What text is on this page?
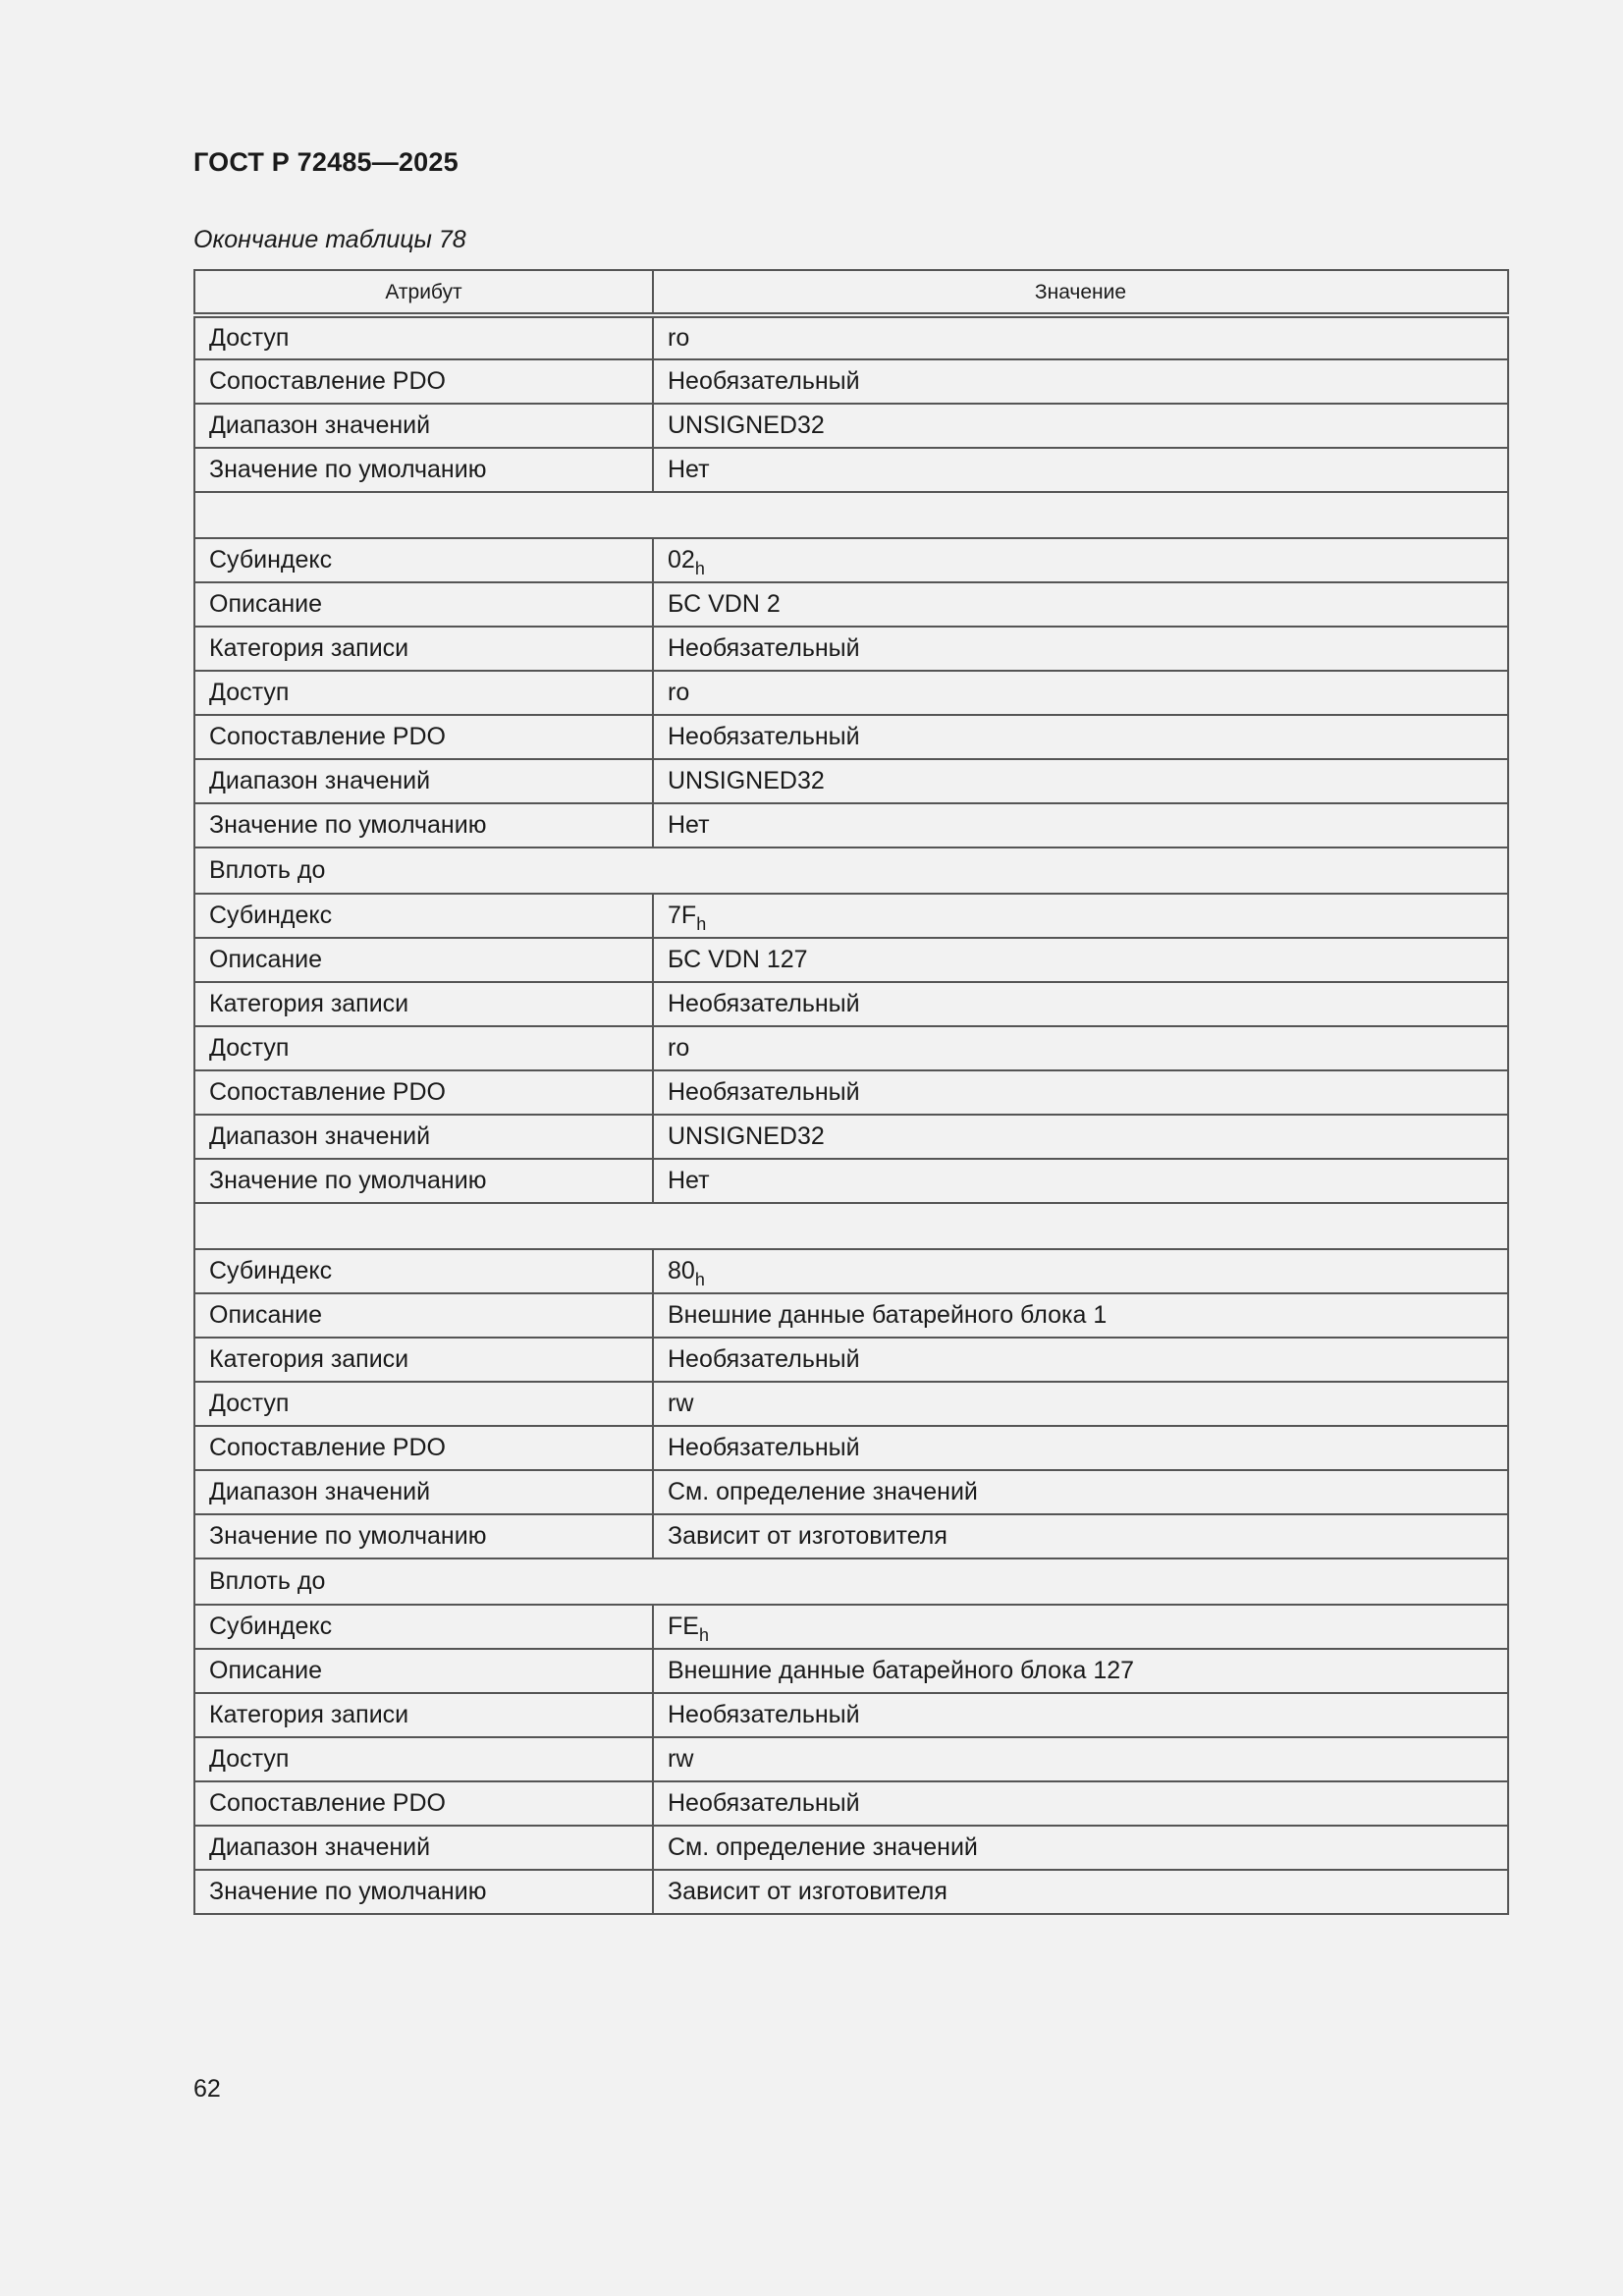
ГОСТ Р 72485—2025
Окончание таблицы 78
Атрибут	Значение
Доступ	ro
Сопоставление PDO	Необязательный
Диапазон значений	UNSIGNED32
Значение по умолчанию	Нет

Субиндекс	$02_h$
Описание	БС VDN 2
Категория записи	Необязательный
Доступ	ro
Сопоставление PDO	Необязательный
Диапазон значений	UNSIGNED32
Значение по умолчанию	Нет
Вплоть до	
Субиндекс	$7F_h$
Описание	БС VDN 127
Категория записи	Необязательный
Доступ	ro
Сопоставление PDO	Необязательный
Диапазон значений	UNSIGNED32
Значение по умолчанию	Нет

Субиндекс	$80_h$
Описание	Внешние данные батарейного блока 1
Категория записи	Необязательный
Доступ	rw
Сопоставление PDO	Необязательный
Диапазон значений	См. определение значений
Значение по умолчанию	Зависит от изготовителя
Вплоть до	
Субиндекс	$FE_h$
Описание	Внешние данные батарейного блока 127
Категория записи	Необязательный
Доступ	rw
Сопоставление PDO	Необязательный
Диапазон значений	См. определение значений
Значение по умолчанию	Зависит от изготовителя
62
